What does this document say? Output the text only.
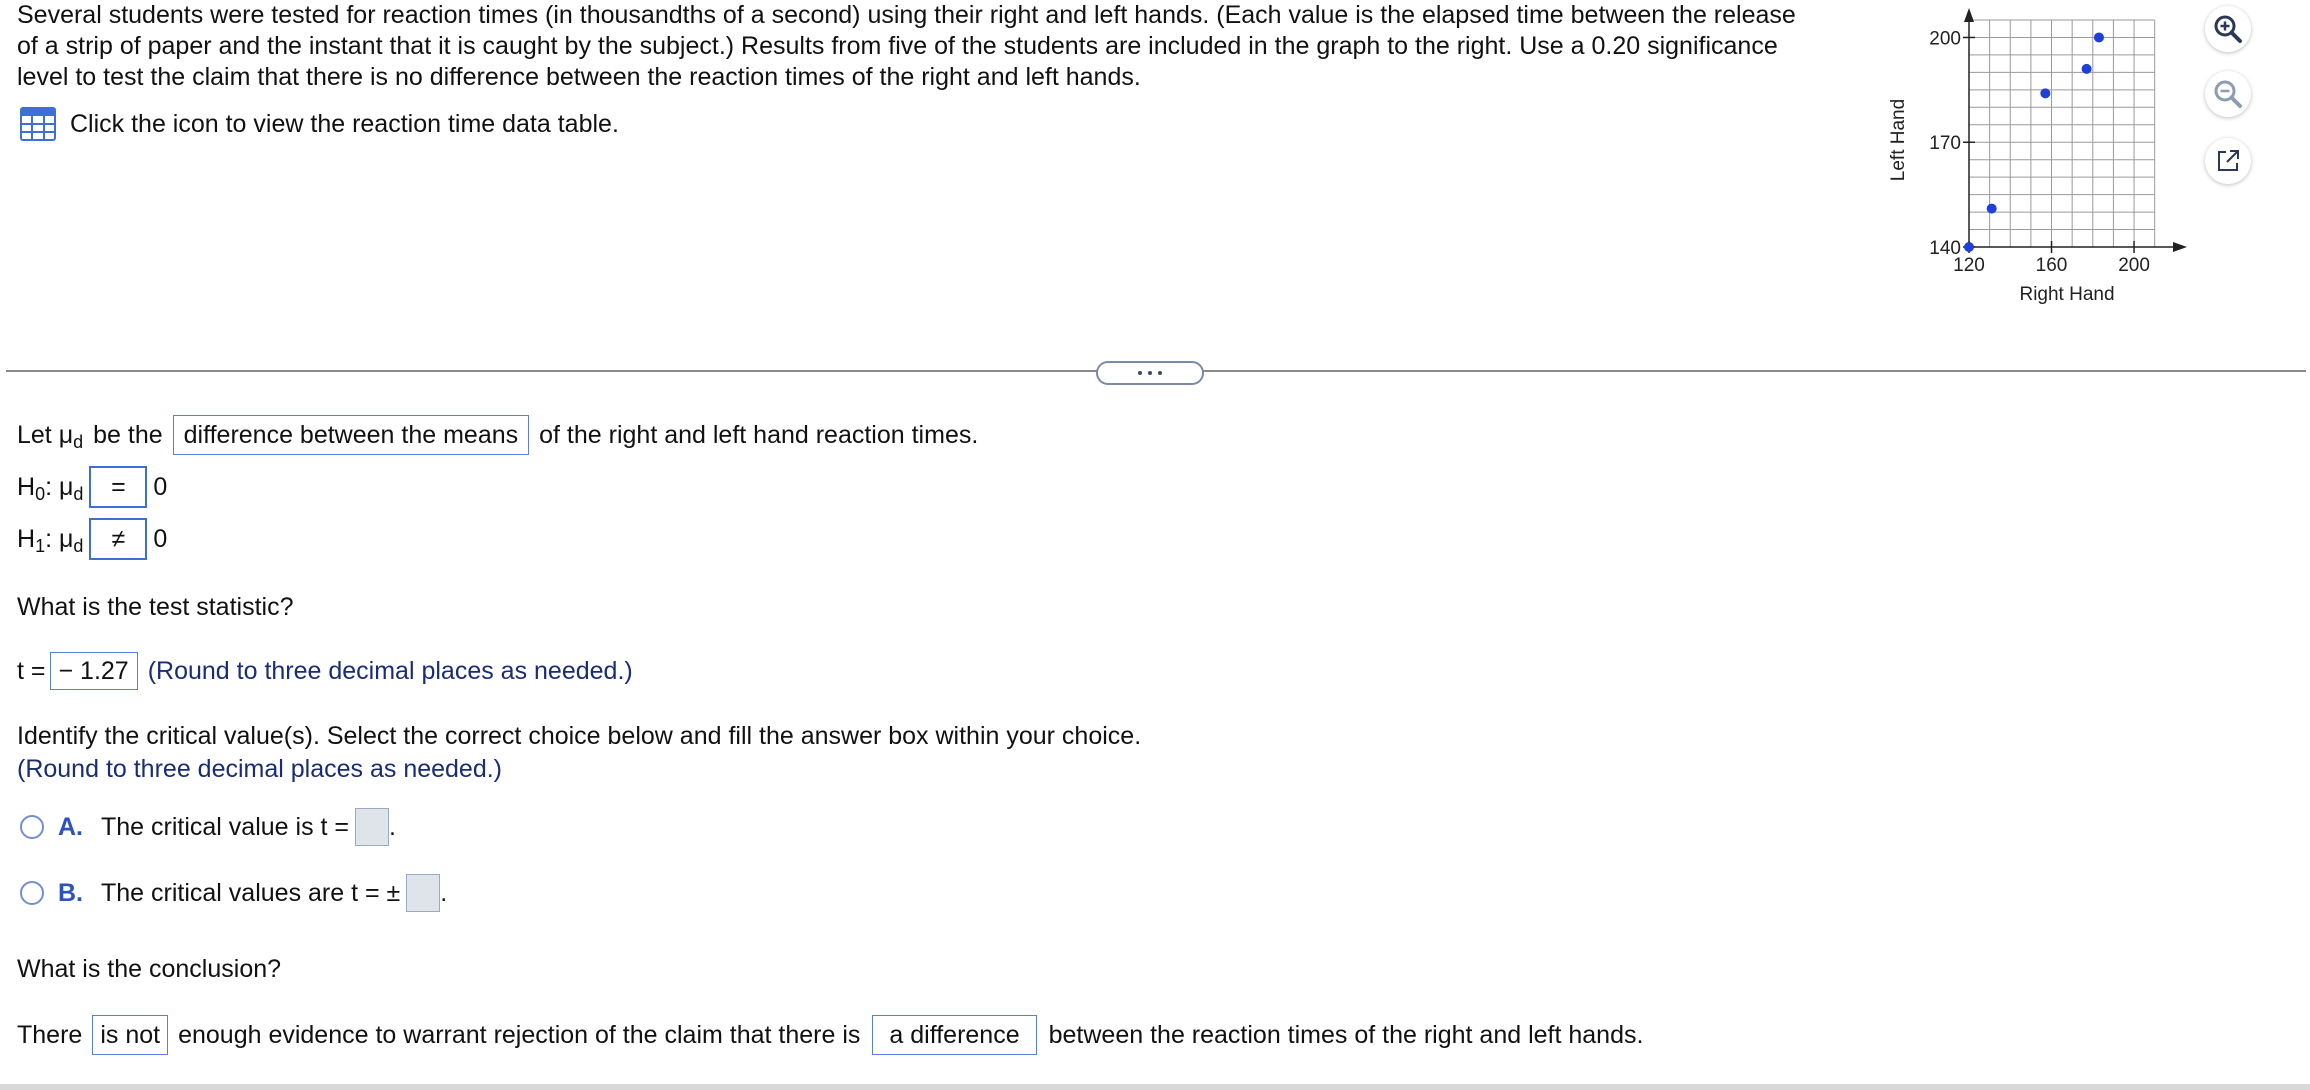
Several students were tested for reaction times (in thousandths of a second) using their right and left hands. (Each value is the elapsed time between the release
of a strip of paper and the instant that it is caught by the subject.) Results from five of the students are included in the graph to the right. Use a 0.20 significance
level to test the claim that there is no difference between the reaction times of the right and left hands.
Click the icon to view the reaction time data table.
120	160	200
140
170
200
Right Hand
Left Hand
Let μ d be the difference between the means of the right and left hand reaction times.
H 0 : μ d	=	0
H 1 : μ d	≠	0
What is the test statistic?
t = − 1.27 (Round to three decimal places as needed.)
Identify the critical value(s). Select the correct choice below and fill the answer box within your choice.
(Round to three decimal places as needed.)
A. The critical value is t = .
B. The critical values are t = ± .
What is the conclusion?
There is not enough evidence to warrant rejection of the claim that there is	a difference	between the reaction times of the right and left hands.
